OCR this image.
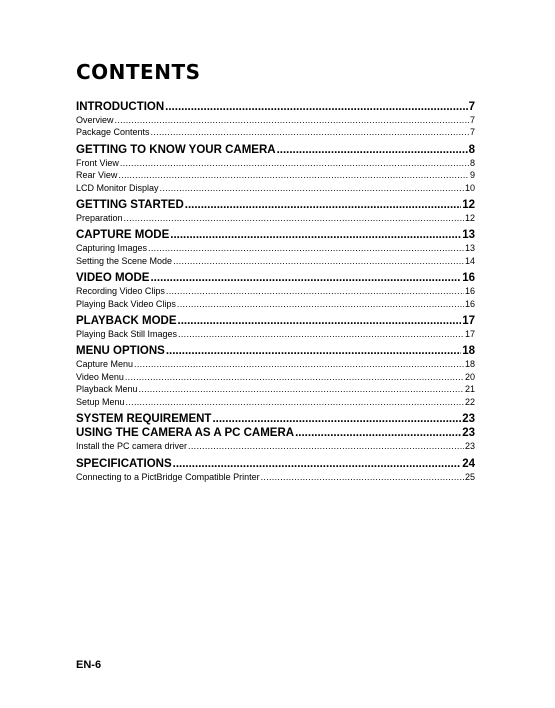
CONTENTS
INTRODUCTION .....	7
Overview .....	7
Package Contents .....	7
GETTING TO KNOW YOUR CAMERA .....	8
Front View .....	8
Rear View .....	9
LCD Monitor Display .....	10
GETTING STARTED .....	12
Preparation .....	12
CAPTURE MODE .....	13
Capturing Images .....	13
Setting the Scene Mode .....	14
VIDEO MODE .....	16
Recording Video Clips .....	16
Playing Back Video Clips .....	16
PLAYBACK MODE .....	17
Playing Back Still Images .....	17
MENU OPTIONS .....	18
Capture Menu .....	18
Video Menu .....	20
Playback Menu .....	21
Setup Menu .....	22
SYSTEM REQUIREMENT .....	23
USING THE CAMERA AS A PC CAMERA .....	23
Install the PC camera driver .....	23
SPECIFICATIONS .....	24
Connecting to a PictBridge Compatible Printer .....	25
EN-6
